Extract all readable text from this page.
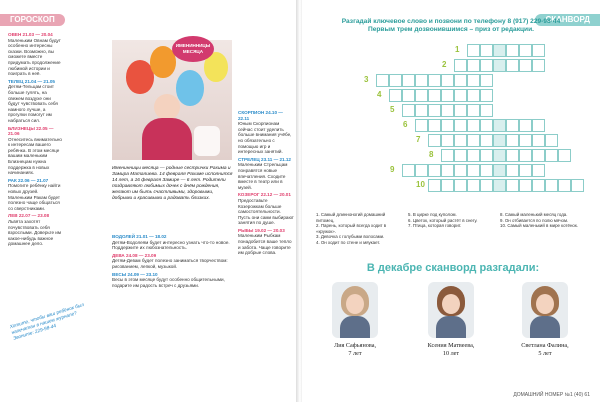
ГОРОСКОП
ОВЕН 21.03 — 20.04
Маленьким Овнам будут особенно интересны сказки. Возможно, вы сможете вместе придумать продолжение любимой истории и поиграть в неё.
ТЕЛЕЦ 21.04 — 21.05
Детям-Тельцам стоит больше гулять, на свежем воздухе они будут чувствовать себя намного лучше, а прогулки помогут им набраться сил.
БЛИЗНЕЦЫ 22.05 — 21.06
Отнеситесь внимательно к интересам вашего ребёнка. В этом месяце вашим маленьким Близнецам нужна поддержка в новых начинаниях.
РАК 22.06 — 21.07
Помогите ребёнку найти новых друзей. Маленьким Ракам будет полезно чаще общаться со сверстниками.
ЛЕВ 22.07 — 23.08
Львята захотят почувствовать себя взрослыми. Доверьте им какое-нибудь важное домашнее дело.
СКОРПИОН 24.10 — 22.11
Юным Скорпионам сейчас стоит уделить больше внимания учёбе, но обязательно с помощью игр и интересных занятий.
СТРЕЛЕЦ 23.11 — 21.12
Маленьким Стрельцам понравятся новые впечатления. Сходите вместе в театр или в музей.
КОЗЕРОГ 22.12 — 20.01
Предоставьте Козерожкам больше самостоятельности. Пусть они сами выбирают занятия по душе.
РЫБЫ 19.02 — 20.03
Маленьким Рыбкам понадобится ваше тепло и забота. Чаще говорите им добрые слова.
ВОДОЛЕЙ 21.01 — 18.02
Детям-Водолеям будет интересно узнать что-то новое. Поддержите их любознательность.
ДЕВА 24.08 — 23.09
Детям-Девам будет полезно заниматься творчеством: рисованием, лепкой, музыкой.
ВЕСЫ 24.09 — 23.10
Весы в этом месяце будут особенно общительными, подарите им радость встреч с друзьями.
ИМЕНИННИЦЫ МЕСЯЦА
Именинницы месяца — родные сестрички Рахима и Замира Маталиева. 14 февраля Рахиме исполнится 14 лет, а 16 февраля Замире — 6 лет. Родители поздравляют любимых дочек с днём рождения, желают им быть счастливыми, здоровыми, добрыми и красивыми и радовать близких.
Хотите, чтобы ваш ребёнок был напечатан в нашем журнале? Звоните: 229-98-44
СКАНВОРД
Разгадай ключевое слово и позвони по телефону 8 (917) 229-98-44
Первым трем дозвонившимся – приз от редакции.
1
2
3
4
5
6
7
8
9
10
1. Самый длинноногий домашний питомец.
2. Парень, который всегда ходит в «кружок».
3. Девочка с голубыми волосами.
4. Он ходит по стене и мяукает.
5. В цирке под куполом.
6. Цветок, который растёт в снегу.
7. Птица, которая говорит.
8. Самый маленький месяц года.
9. Он отбивается по полю мячом.
10. Самый маленький в мире котёнок.
В декабре сканворд разгадали:
Лия Сафьянова,
7 лет
Ксения Матвеева,
10 лет
Светлана Фалина,
5 лет
ДОМАШНИЙ НОМЕР №1 (40) 61
